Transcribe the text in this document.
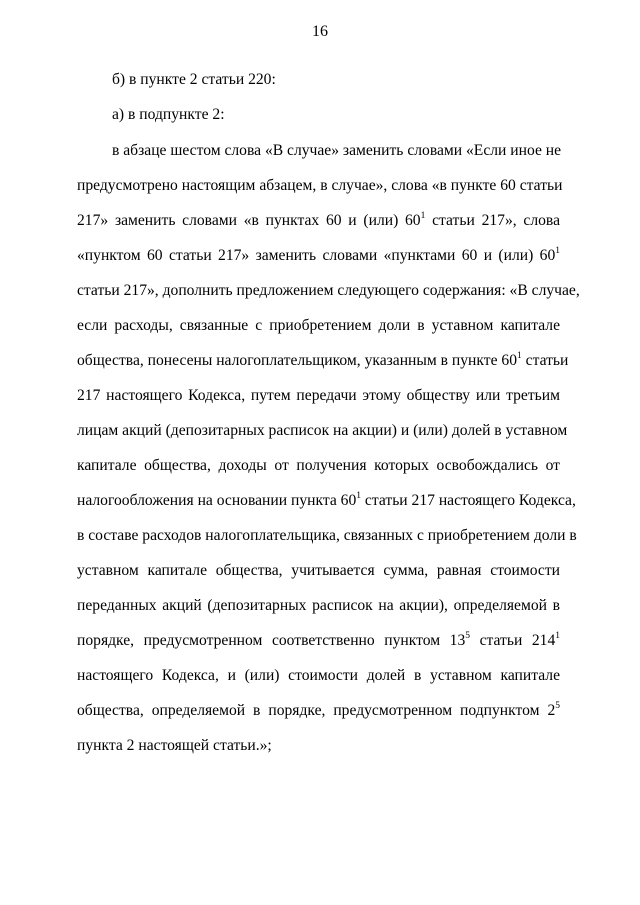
16
б) в пункте 2 статьи 220:
а) в подпункте 2:
в абзаце шестом слова «В случае» заменить словами «Если иное не
предусмотрено настоящим абзацем, в случае», слова «в пункте 60 статьи
217» заменить словами «в пунктах 60 и (или) $60^1$ статьи 217», слова
«пунктом 60 статьи 217» заменить словами «пунктами 60 и (или) $60^1$
статьи 217», дополнить предложением следующего содержания: «В случае,
если расходы, связанные с приобретением доли в уставном капитале
общества, понесены налогоплательщиком, указанным в пункте $60^1$ статьи
217 настоящего Кодекса, путем передачи этому обществу или третьим
лицам акций (депозитарных расписок на акции) и (или) долей в уставном
капитале общества, доходы от получения которых освобождались от
налогообложения на основании пункта $60^1$ статьи 217 настоящего Кодекса,
в составе расходов налогоплательщика, связанных с приобретением доли в
уставном капитале общества, учитывается сумма, равная стоимости
переданных акций (депозитарных расписок на акции), определяемой в
порядке, предусмотренном соответственно пунктом $13^5$ статьи $214^1$
настоящего Кодекса, и (или) стоимости долей в уставном капитале
общества, определяемой в порядке, предусмотренном подпунктом $2^5$
пункта 2 настоящей статьи.»;
